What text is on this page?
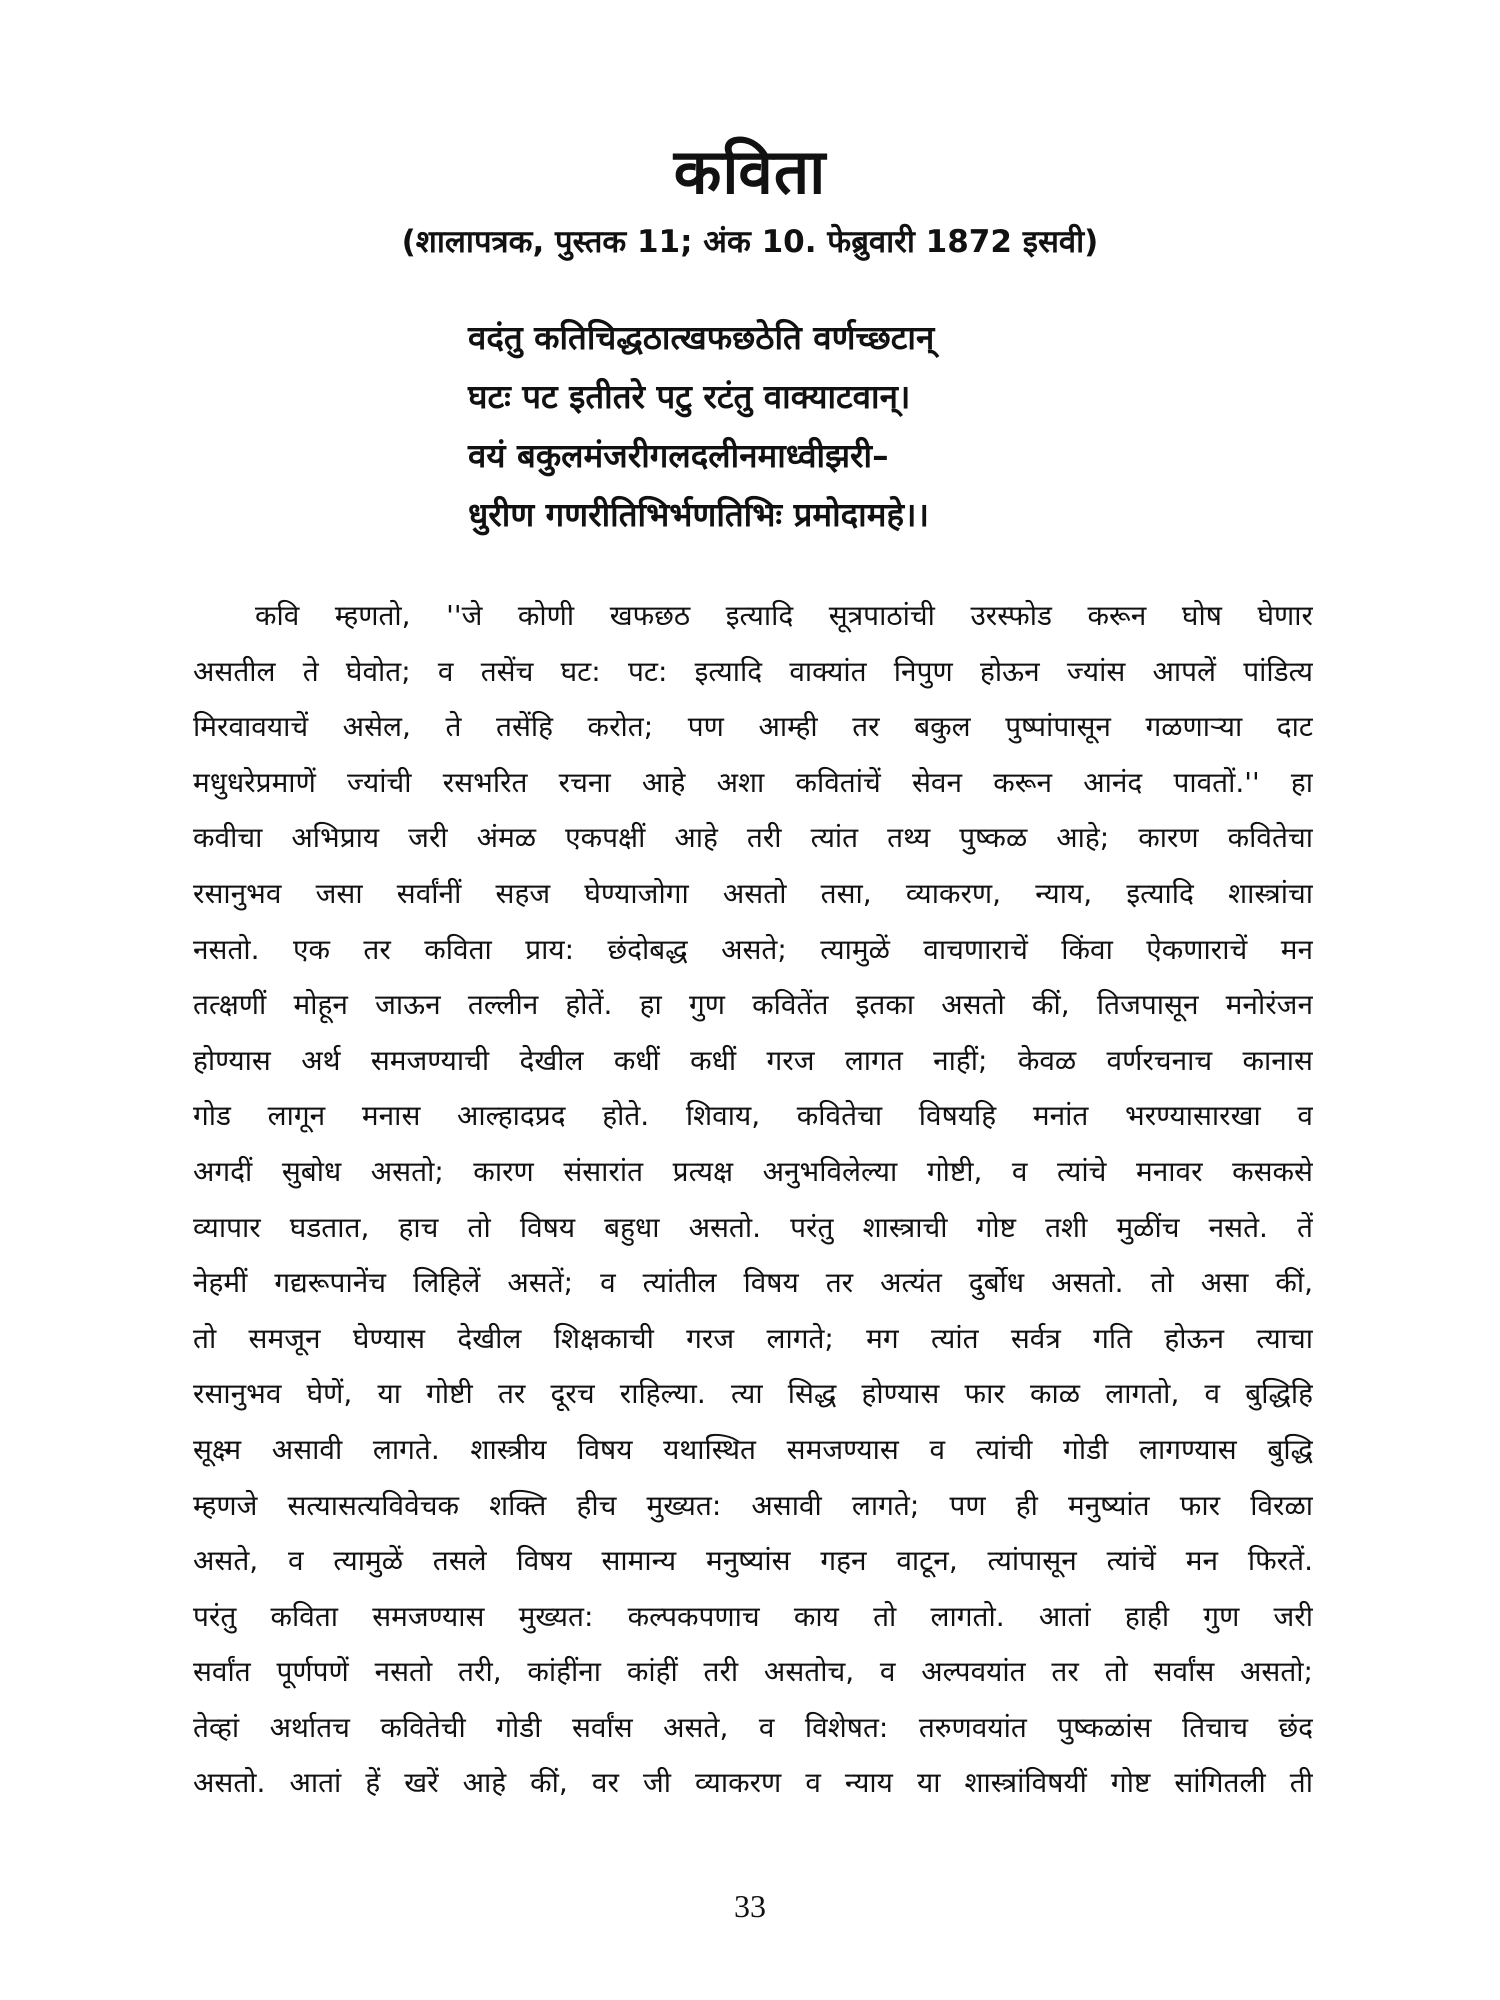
कविता

(शालापत्रक, पुस्तक 11; अंक 10. फेब्रुवारी 1872 इसवी)

वदंतु कतिचिद्धठात्खफछठेति वर्णच्छटान्
घटः पट इतीतरे पटु रटंतु वाक्याटवान्।
वयं बकुलमंजरीगलदलीनमाध्वीझरी–
धुरीण गणरीतिभिर्भणतिभिः प्रमोदामहे।।
कवि म्हणतो, ''जे कोणी खफछठ इत्यादि सूत्रपाठांची उरस्फोड करून घोष घेणार
असतील ते घेवोत; व तसेंच घट: पट: इत्यादि वाक्यांत निपुण होऊन ज्यांस आपलें पांडित्य
मिरवावयाचें असेल, ते तसेंहि करोत; पण आम्ही तर बकुल पुष्पांपासून गळणाऱ्या दाट
मधुधरेप्रमाणें ज्यांची रसभरित रचना आहे अशा कवितांचें सेवन करून आनंद पावतों.'' हा
कवीचा अभिप्राय जरी अंमळ एकपक्षीं आहे तरी त्यांत तथ्य पुष्कळ आहे; कारण कवितेचा
रसानुभव जसा सर्वांनीं सहज घेण्याजोगा असतो तसा, व्याकरण, न्याय, इत्यादि शास्त्रांचा
नसतो. एक तर कविता प्राय: छंदोबद्ध असते; त्यामुळें वाचणाराचें किंवा ऐकणाराचें मन
तत्क्षणीं मोहून जाऊन तल्लीन होतें. हा गुण कवितेंत इतका असतो कीं, तिजपासून मनोरंजन
होण्यास अर्थ समजण्याची देखील कधीं कधीं गरज लागत नाहीं; केवळ वर्णरचनाच कानास
गोड लागून मनास आल्हादप्रद होते. शिवाय, कवितेचा विषयहि मनांत भरण्यासारखा व
अगदीं सुबोध असतो; कारण संसारांत प्रत्यक्ष अनुभविलेल्या गोष्टी, व त्यांचे मनावर कसकसे
व्यापार घडतात, हाच तो विषय बहुधा असतो. परंतु शास्त्राची गोष्ट तशी मुळींच नसते. तें
नेहमीं गद्यरूपानेंच लिहिलें असतें; व त्यांतील विषय तर अत्यंत दुर्बोध असतो. तो असा कीं,
तो समजून घेण्यास देखील शिक्षकाची गरज लागते; मग त्यांत सर्वत्र गति होऊन त्याचा
रसानुभव घेणें, या गोष्टी तर दूरच राहिल्या. त्या सिद्ध होण्यास फार काळ लागतो, व बुद्धिहि
सूक्ष्म असावी लागते. शास्त्रीय विषय यथास्थित समजण्यास व त्यांची गोडी लागण्यास बुद्धि
म्हणजे सत्यासत्यविवेचक शक्ति हीच मुख्यत: असावी लागते; पण ही मनुष्यांत फार विरळा
असते, व त्यामुळें तसले विषय सामान्य मनुष्यांस गहन वाटून, त्यांपासून त्यांचें मन फिरतें.
परंतु कविता समजण्यास मुख्यत: कल्पकपणाच काय तो लागतो. आतां हाही गुण जरी
सर्वांत पूर्णपणें नसतो तरी, कांहींना कांहीं तरी असतोच, व अल्पवयांत तर तो सर्वांस असतो;
तेव्हां अर्थातच कवितेची गोडी सर्वांस असते, व विशेषत: तरुणवयांत पुष्कळांस तिचाच छंद
असतो. आतां हें खरें आहे कीं, वर जी व्याकरण व न्याय या शास्त्रांविषयीं गोष्ट सांगितली ती

33
